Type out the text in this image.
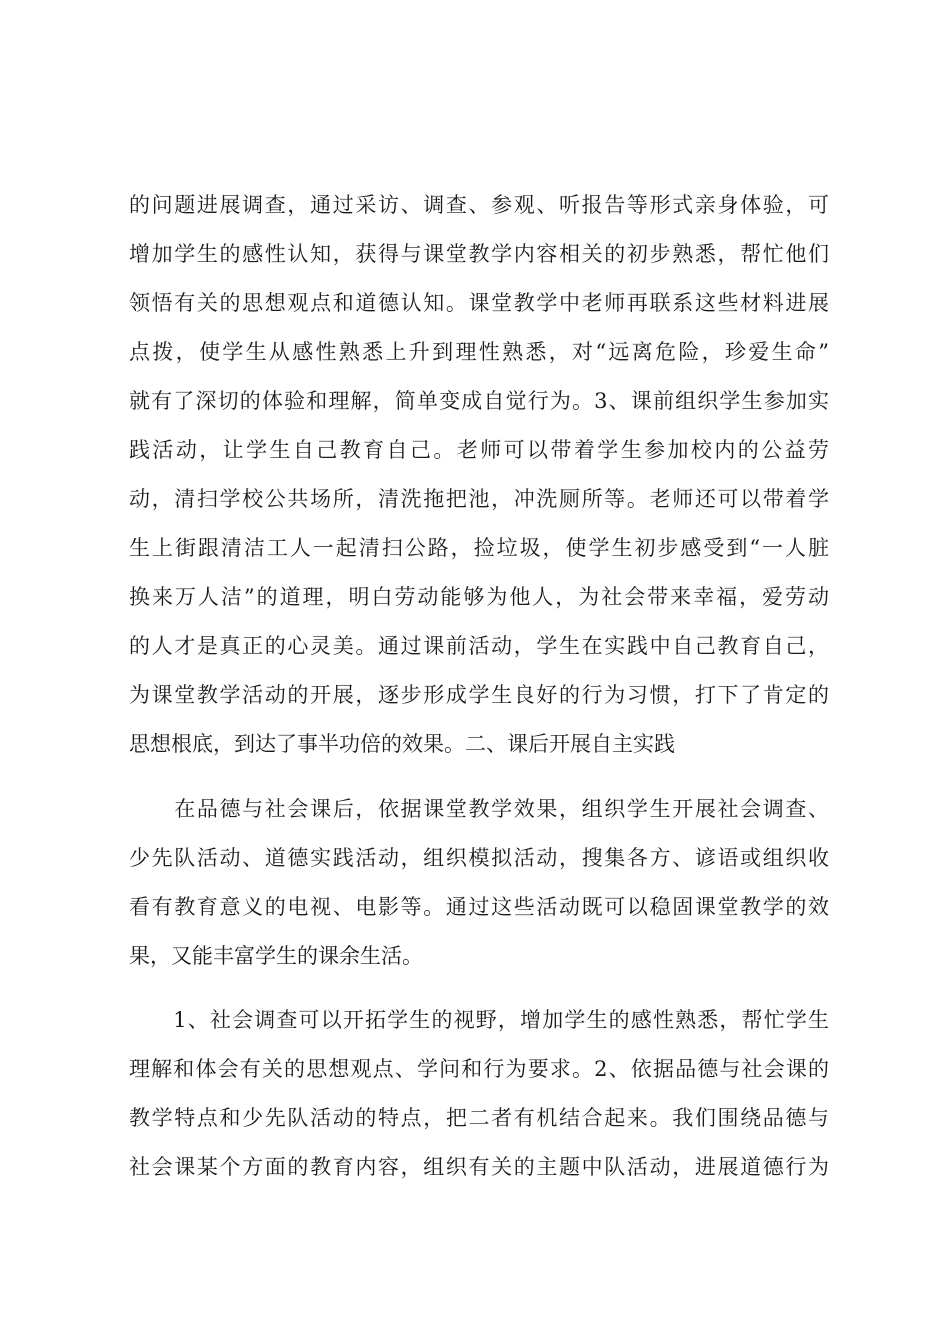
的问题进展调查，通过采访、调查、参观、听报告等形式亲身体验，可
增加学生的感性认知，获得与课堂教学内容相关的初步熟悉，帮忙他们
领悟有关的思想观点和道德认知。课堂教学中老师再联系这些材料进展
点拨，使学生从感性熟悉上升到理性熟悉，对“远离危险，珍爱生命”
就有了深切的体验和理解，简单变成自觉行为。3、课前组织学生参加实
践活动，让学生自己教育自己。老师可以带着学生参加校内的公益劳
动，清扫学校公共场所，清洗拖把池，冲洗厕所等。老师还可以带着学
生上街跟清洁工人一起清扫公路，捡垃圾，使学生初步感受到“一人脏
换来万人洁”的道理，明白劳动能够为他人，为社会带来幸福，爱劳动
的人才是真正的心灵美。通过课前活动，学生在实践中自己教育自己，
为课堂教学活动的开展，逐步形成学生良好的行为习惯，打下了肯定的
思想根底，到达了事半功倍的效果。二、课后开展自主实践
　　在品德与社会课后，依据课堂教学效果，组织学生开展社会调查、
少先队活动、道德实践活动，组织模拟活动，搜集各方、谚语或组织收
看有教育意义的电视、电影等。通过这些活动既可以稳固课堂教学的效
果，又能丰富学生的课余生活。
　　1、社会调查可以开拓学生的视野，增加学生的感性熟悉，帮忙学生
理解和体会有关的思想观点、学问和行为要求。2、依据品德与社会课的
教学特点和少先队活动的特点，把二者有机结合起来。我们围绕品德与
社会课某个方面的教育内容，组织有关的主题中队活动，进展道德行为
